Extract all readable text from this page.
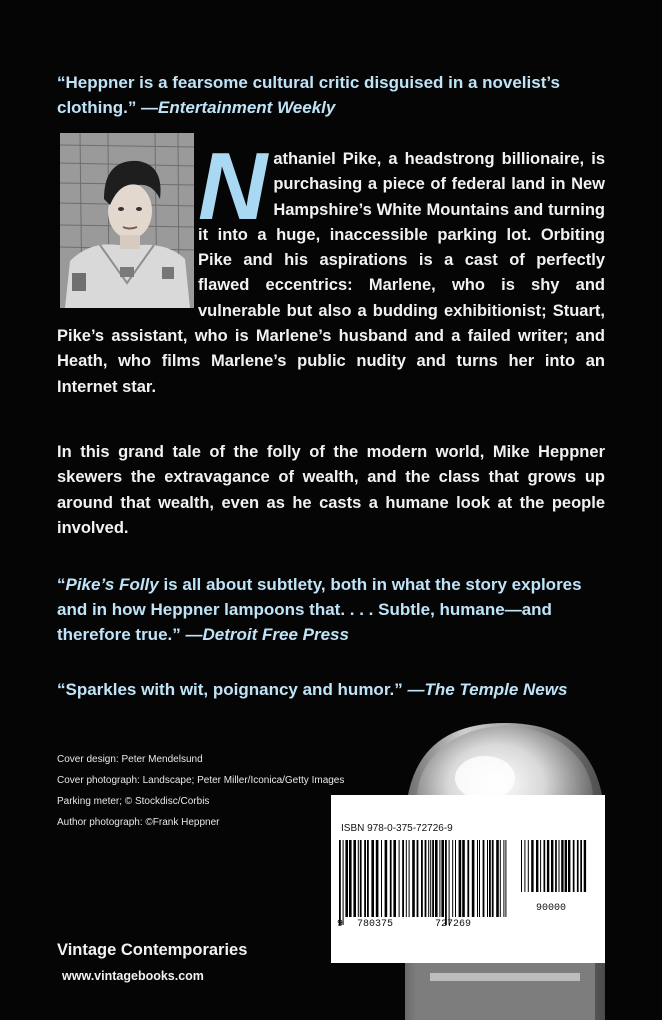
“Heppner is a fearsome cultural critic disguised in a novelist’s clothing.” —Entertainment Weekly

Nathaniel Pike, a headstrong billionaire, is purchasing a piece of federal land in New Hampshire’s White Mountains and turning it into a huge, inaccessible parking lot. Orbiting Pike and his aspirations is a cast of perfectly flawed eccentrics: Marlene, who is shy and vulnerable but also a budding exhibitionist; Stuart, Pike’s assistant, who is Marlene’s husband and a failed writer; and Heath, who films Marlene’s public nudity and turns her into an Internet star.

In this grand tale of the folly of the modern world, Mike Heppner skewers the extravagance of wealth, and the class that grows up around that wealth, even as he casts a humane look at the people involved.

“Pike’s Folly is all about subtlety, both in what the story explores and in how Heppner lampoons that. . . . Subtle, humane—and therefore true.” —Detroit Free Press

“Sparkles with wit, poignancy and humor.” —The Temple News

Cover design: Peter Mendelsund
Cover photograph: Landscape; Peter Miller/Iconica/Getty Images
Parking meter; © Stockdisc/Corbis
Author photograph: ©Frank Heppner
ISBN 978-0-375-72726-9
9 780375	727269
90000
Vintage Contemporaries
www.vintagebooks.com
